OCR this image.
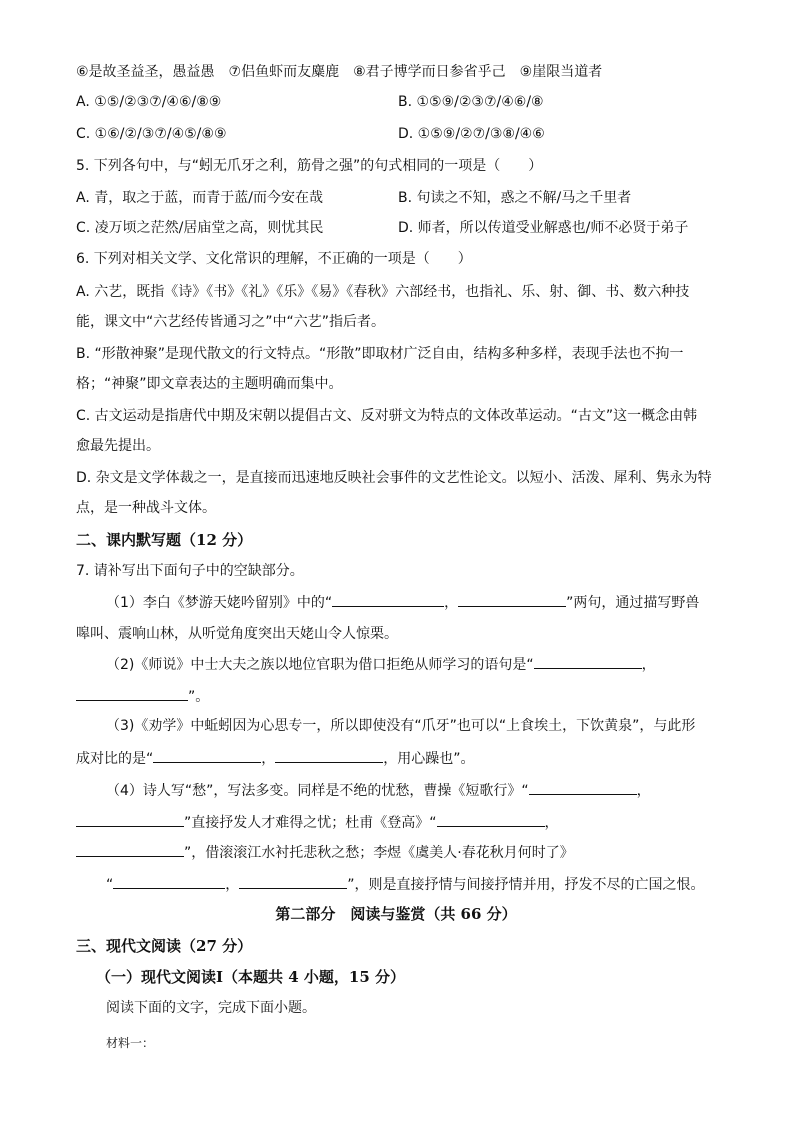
⑥是故圣益圣，愚益愚　⑦侣鱼虾而友麋鹿　⑧君子博学而日参省乎己　⑨崖限当道者
A. ①⑤/②③⑦/④⑥/⑧⑨	B. ①⑤⑨/②③⑦/④⑥/⑧
C. ①⑥/②/③⑦/④⑤/⑧⑨	D. ①⑤⑨/②⑦/③⑧/④⑥
5. 下列各句中，与“蚓无爪牙之利，筋骨之强”的句式相同的一项是（　　）
A. 青，取之于蓝，而青于蓝/而今安在哉	B. 句读之不知，惑之不解/马之千里者
C. 凌万顷之茫然/居庙堂之高，则忧其民	D. 师者，所以传道受业解惑也/师不必贤于弟子
6. 下列对相关文学、文化常识的理解，不正确的一项是（　　）
A. 六艺，既指《诗》《书》《礼》《乐》《易》《春秋》六部经书，也指礼、乐、射、御、书、数六种技
能，课文中“六艺经传皆通习之”中“六艺”指后者。
B. “形散神聚”是现代散文的行文特点。“形散”即取材广泛自由，结构多种多样，表现手法也不拘一
格；“神聚”即文章表达的主题明确而集中。
C. 古文运动是指唐代中期及宋朝以提倡古文、反对骈文为特点的文体改革运动。“古文”这一概念由韩
愈最先提出。
D. 杂文是文学体裁之一，是直接而迅速地反映社会事件的文艺性论文。以短小、活泼、犀利、隽永为特
点，是一种战斗文体。
二、课内默写题（12 分）
7. 请补写出下面句子中的空缺部分。
（1）李白《梦游天姥吟留别》中的“	，	”两句，通过描写野兽
嗥叫、震响山林，从听觉角度突出天姥山令人惊栗。
（2)《师说》中士大夫之族以地位官职为借口拒绝从师学习的语句是“	，
”。
（3)《劝学》中蚯蚓因为心思专一，所以即使没有“爪牙”也可以“上食埃土，下饮黄泉”，与此形
成对比的是“	，	，用心躁也”。
（4）诗人写“愁”，写法多变。同样是不绝的忧愁，曹操《短歌行》“	，
”直接抒发人才难得之忧；杜甫《登高》“	，
”，借滚滚江水衬托悲秋之愁；李煜《虞美人·春花秋月何时了》
“	，	”，则是直接抒情与间接抒情并用，抒发不尽的亡国之恨。
第二部分　阅读与鉴赏（共 66 分）
三、现代文阅读（27 分）
（一）现代文阅读Ⅰ（本题共 4 小题，15 分）
阅读下面的文字，完成下面小题。
材料一：
